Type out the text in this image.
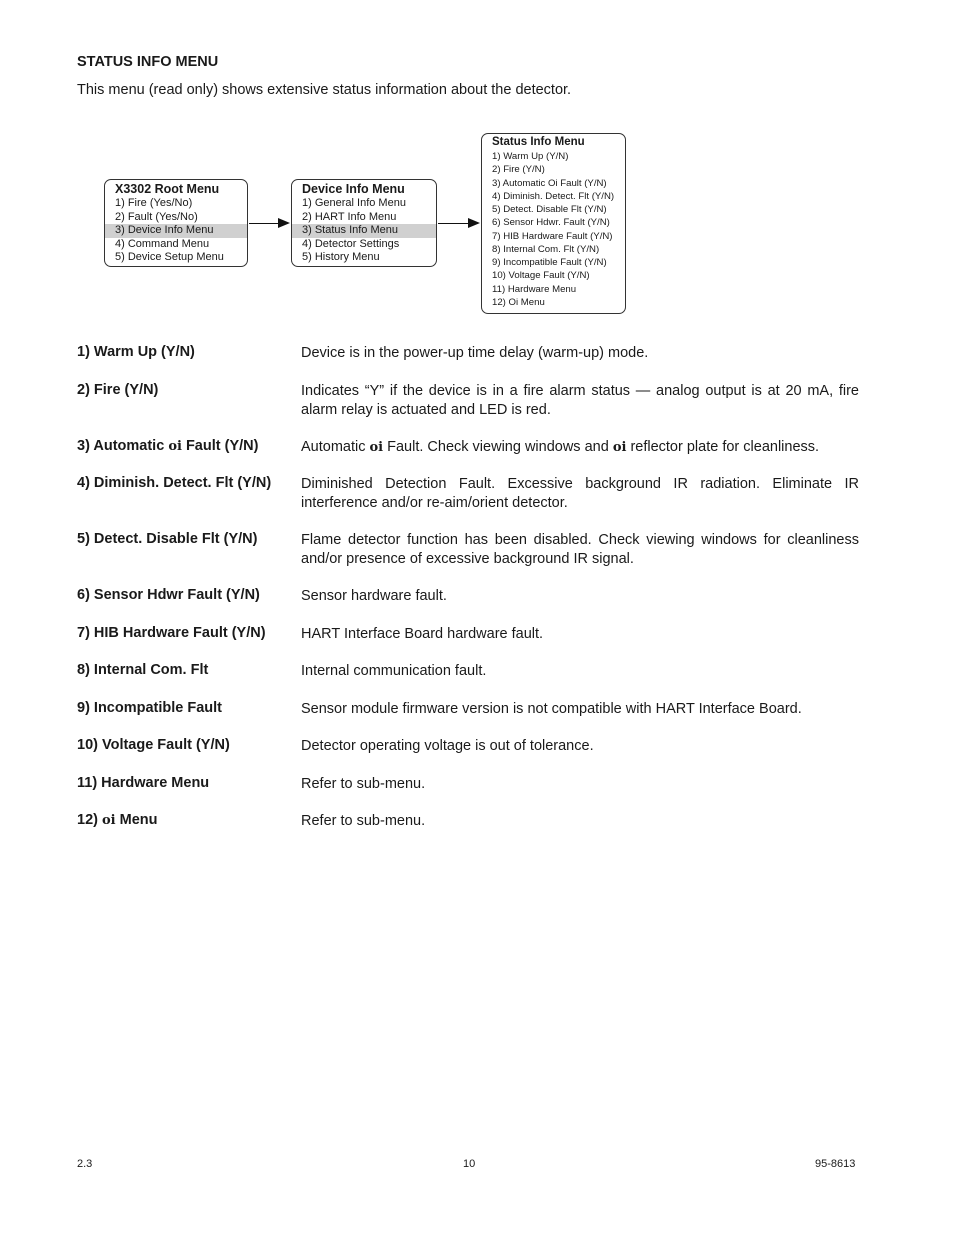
STATUS INFO MENU
This menu (read only) shows extensive status information about the detector.
X3302 Root Menu
1) Fire (Yes/No)
2) Fault (Yes/No)
3) Device Info Menu
4) Command Menu
5) Device Setup Menu
Device Info Menu
1) General Info Menu
2) HART Info Menu
3) Status Info Menu
4) Detector Settings
5) History Menu
Status Info Menu
1) Warm Up (Y/N)
2) Fire (Y/N)
3) Automatic Oi Fault (Y/N)
4) Diminish. Detect. Flt (Y/N)
5) Detect. Disable Flt (Y/N)
6) Sensor Hdwr. Fault (Y/N)
7) HIB Hardware Fault (Y/N)
8) Internal Com. Flt (Y/N)
9) Incompatible Fault (Y/N)
10) Voltage Fault (Y/N)
11) Hardware Menu
12) Oi Menu
1) Warm Up (Y/N)	Device is in the power-up time delay (warm-up) mode.
2) Fire (Y/N)	Indicates “Y” if the device is in a fire alarm status — analog output is at 20 mA, fire alarm relay is actuated and LED is red.
3) Automatic oi Fault (Y/N)	Automatic oi Fault. Check viewing windows and oi reflector plate for cleanliness.
4) Diminish. Detect. Flt (Y/N) Diminished Detection Fault. Excessive background IR radiation. Eliminate IR interference and/or re-aim/orient detector.
5) Detect. Disable Flt (Y/N)	Flame detector function has been disabled. Check viewing windows for cleanliness and/or presence of excessive background IR signal.
6) Sensor Hdwr Fault (Y/N)	Sensor hardware fault.
7) HIB Hardware Fault (Y/N) HART Interface Board hardware fault.
8) Internal Com. Flt	Internal communication fault.
9) Incompatible Fault	Sensor module firmware version is not compatible with HART Interface Board.
10) Voltage Fault (Y/N)	Detector operating voltage is out of tolerance.
11) Hardware Menu	Refer to sub-menu.
12) oi Menu	Refer to sub-menu.
2.3	10	95-8613
